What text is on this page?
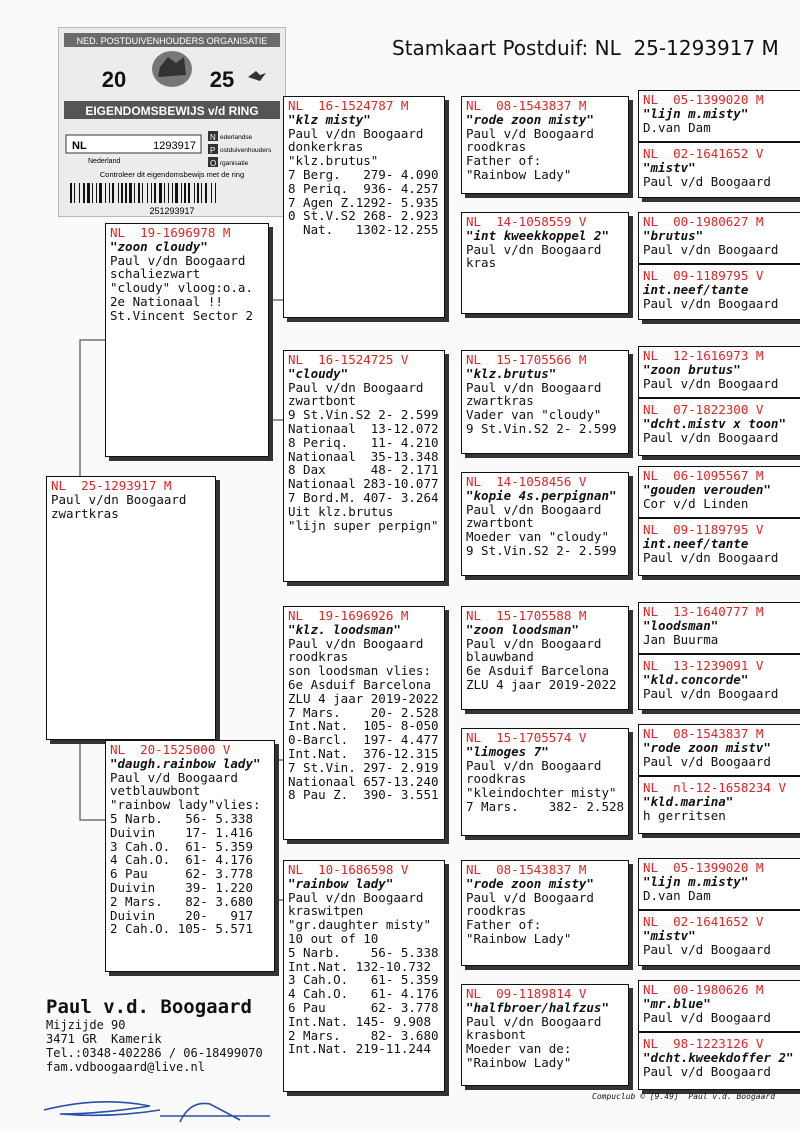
Stamkaart Postduif: NL  25-1293917 M
NED. POSTDUIVENHOUDERS ORGANISATIE
20	25
EIGENDOMSBEWIJS v/d RING
NL	1293917
Nederland
N
P
O
ederlandse
ostduivenhouders
rganisatie
Controleer dit eigendomsbewijs met de ring
251293917
NL  25-1293917 M
Paul v/dn Boogaard
zwartkras
NL  19-1696978 M
"zoon cloudy"
Paul v/dn Boogaard
schaliezwart
"cloudy" vloog:o.a.
2e Nationaal !!
St.Vincent Sector 2
NL  20-1525000 V
"daugh.rainbow lady"
Paul v/d Boogaard
vetblauwbont
"rainbow lady"vlies:
5 Narb.   56- 5.338
Duivin    17- 1.416
3 Cah.O.  61- 5.359
4 Cah.O.  61- 4.176
6 Pau     62- 3.778
Duivin    39- 1.220
2 Mars.   82- 3.680
Duivin    20-   917
2 Cah.O. 105- 5.571
NL  16-1524787 M
"klz misty"
Paul v/dn Boogaard
donkerkras
"klz.brutus"
7 Berg.   279- 4.090
8 Periq.  936- 4.257
7 Agen Z.1292- 5.935
0 St.V.S2 268- 2.923
Nat.   1302-12.255
NL  16-1524725 V
"cloudy"
Paul v/dn Boogaard
zwartbont
9 St.Vin.S2 2- 2.599
Nationaal  13-12.072
8 Periq.   11- 4.210
Nationaal  35-13.348
8 Dax      48- 2.171
Nationaal 283-10.077
7 Bord.M. 407- 3.264
Uit klz.brutus
"lijn super perpign"
NL  19-1696926 M
"klz. loodsman"
Paul v/dn Boogaard
roodkras
son loodsman vlies:
6e Asduif Barcelona
ZLU 4 jaar 2019-2022
7 Mars.    20- 2.528
Int.Nat.  105- 8-050
0-Barcl.  197- 4.477
Int.Nat.  376-12.315
7 St.Vin. 297- 2.919
Nationaal 657-13.240
8 Pau Z.  390- 3.551
NL  10-1686598 V
"rainbow lady"
Paul v/dn Boogaard
kraswitpen
"gr.daughter misty"
10 out of 10
5 Narb.    56- 5.338
Int.Nat. 132-10.732
3 Cah.O.   61- 5.359
4 Cah.O.   61- 4.176
6 Pau      62- 3.778
Int.Nat. 145- 9.908
2 Mars.    82- 3.680
Int.Nat. 219-11.244
NL  08-1543837 M
"rode zoon misty"
Paul v/d Boogaard
roodkras
Father of:
"Rainbow Lady"
NL  14-1058559 V
"int kweekkoppel 2"
Paul v/dn Boogaard
kras
NL  15-1705566 M
"klz.brutus"
Paul v/dn Boogaard
zwartkras
Vader van "cloudy"
9 St.Vin.S2 2- 2.599
NL  14-1058456 V
"kopie 4s.perpignan"
Paul v/dn Boogaard
zwartbont
Moeder van "cloudy"
9 St.Vin.S2 2- 2.599
NL  15-1705588 M
"zoon loodsman"
Paul v/dn Boogaard
blauwband
6e Asduif Barcelona
ZLU 4 jaar 2019-2022
NL  15-1705574 V
"limoges 7"
Paul v/dn Boogaard
roodkras
"kleindochter misty"
7 Mars.    382- 2.528
NL  08-1543837 M
"rode zoon misty"
Paul v/d Boogaard
roodkras
Father of:
"Rainbow Lady"
NL  09-1189814 V
"halfbroer/halfzus"
Paul v/dn Boogaard
krasbont
Moeder van de:
"Rainbow Lady"
NL  05-1399020 M
"lijn m.misty"
D.van Dam
NL  02-1641652 V
"mistv"
Paul v/d Boogaard
NL  00-1980627 M
"brutus"
Paul v/dn Boogaard
NL  09-1189795 V
int.neef/tante
Paul v/dn Boogaard
NL  12-1616973 M
"zoon brutus"
Paul v/dn Boogaard
NL  07-1822300 V
"dcht.mistv x toon"
Paul v/dn Boogaard
NL  06-1095567 M
"gouden verouden"
Cor v/d Linden
NL  09-1189795 V
int.neef/tante
Paul v/dn Boogaard
NL  13-1640777 M
"loodsman"
Jan Buurma
NL  13-1239091 V
"kld.concorde"
Paul v/dn Boogaard
NL  08-1543837 M
"rode zoon mistv"
Paul v/d Boogaard
NL  nl-12-1658234 V
"kld.marina"
h gerritsen
NL  05-1399020 M
"lijn m.misty"
D.van Dam
NL  02-1641652 V
"mistv"
Paul v/d Boogaard
NL  00-1980626 M
"mr.blue"
Paul v/d Boogaard
NL  98-1223126 V
"dcht.kweekdoffer 2"
Paul v/d Boogaard
Paul v.d. Boogaard
Mijzijde 90
3471 GR  Kamerik
Tel.:0348-402286 / 06-18499070
fam.vdboogaard@live.nl
Compuclub © [9.49]  Paul v.d. Boogaard
